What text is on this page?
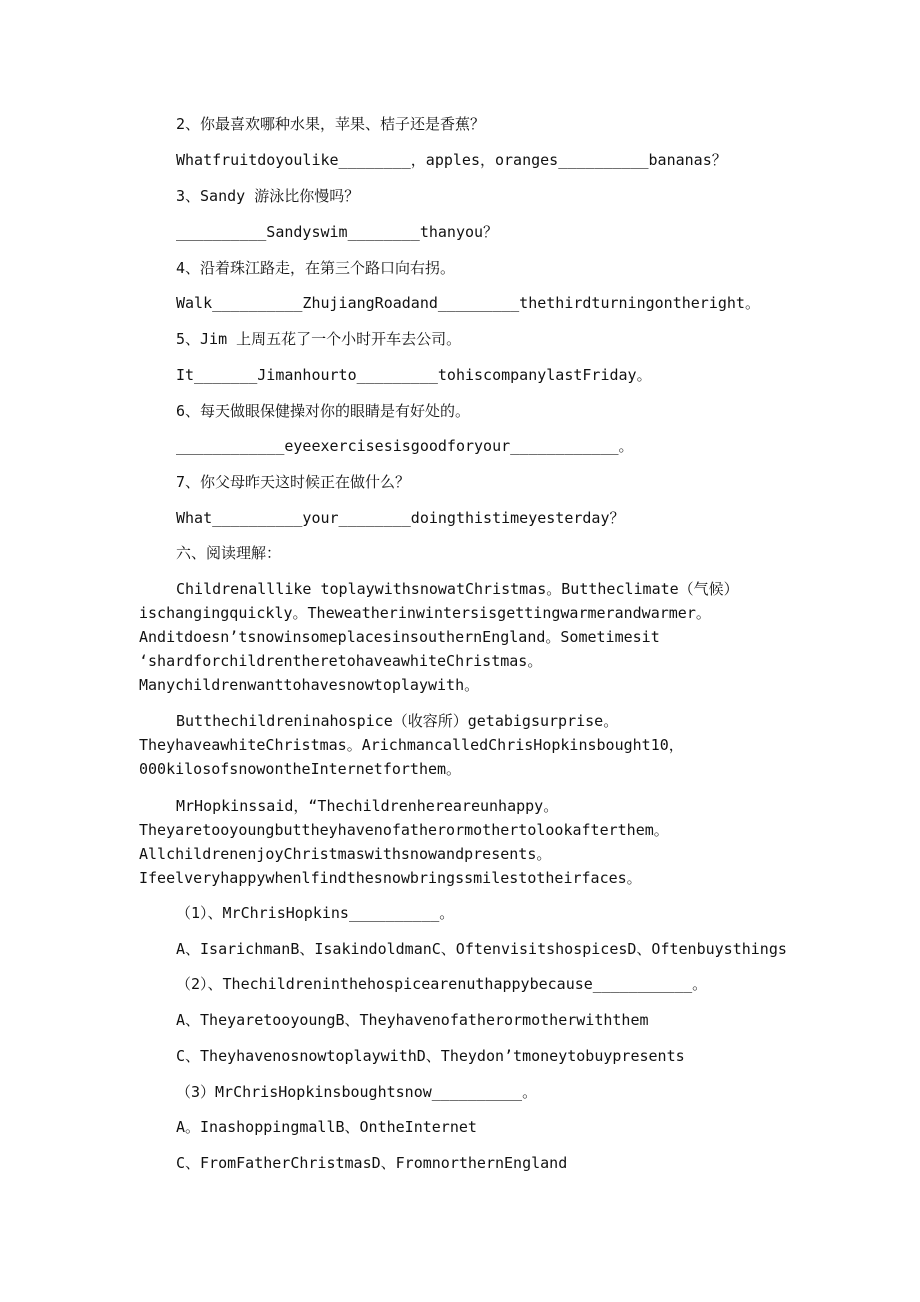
2、你最喜欢哪种水果，苹果、桔子还是香蕉？
Whatfruitdoyoulike________，apples，oranges__________bananas？
3、Sandy 游泳比你慢吗？
__________Sandyswim________thanyou？
4、沿着珠江路走，在第三个路口向右拐。
Walk__________ZhujiangRoadand_________thethirdturningontheright。
5、Jim 上周五花了一个小时开车去公司。
It_______Jimanhourto_________tohiscompanylastFriday。
6、每天做眼保健操对你的眼睛是有好处的。
____________eyeexercisesisgoodforyour____________。
7、你父母昨天这时候正在做什么？
What__________your________doingthistimeyesterday？
六、阅读理解：
Childrenalllike toplaywithsnowatChristmas。Buttheclimate（气候）
ischangingquickly。Theweatherinwintersisgettingwarmerandwarmer。
Anditdoesn’tsnowinsomeplacesinsouthernEngland。Sometimesit
‘shardforchildrentheretohaveawhiteChristmas。
Manychildrenwanttohavesnowtoplaywith。
Butthechildreninahospice（收容所）getabigsurprise。
TheyhaveawhiteChristmas。ArichmancalledChrisHopkinsbought10，
000kilosofsnowontheInternetforthem。
MrHopkinssaid，“Thechildrenhereareunhappy。
Theyaretooyoungbuttheyhavenofatherormothertolookafterthem。
AllchildrenenjoyChristmaswithsnowandpresents。
Ifeelveryhappywhenlfindthesnowbringssmilestotheirfaces。
（1）、MrChrisHopkins__________。
A、IsarichmanB、IsakindoldmanC、OftenvisitshospicesD、Oftenbuysthings
（2）、Thechildreninthehospicearenuthappybecause___________。
A、TheyaretooyoungB、Theyhavenofatherormotherwiththem
C、TheyhavenosnowtoplaywithD、Theydon’tmoneytobuypresents
（3）MrChrisHopkinsboughtsnow__________。
A。InashoppingmallB、OntheInternet
C、FromFatherChristmasD、FromnorthernEngland
